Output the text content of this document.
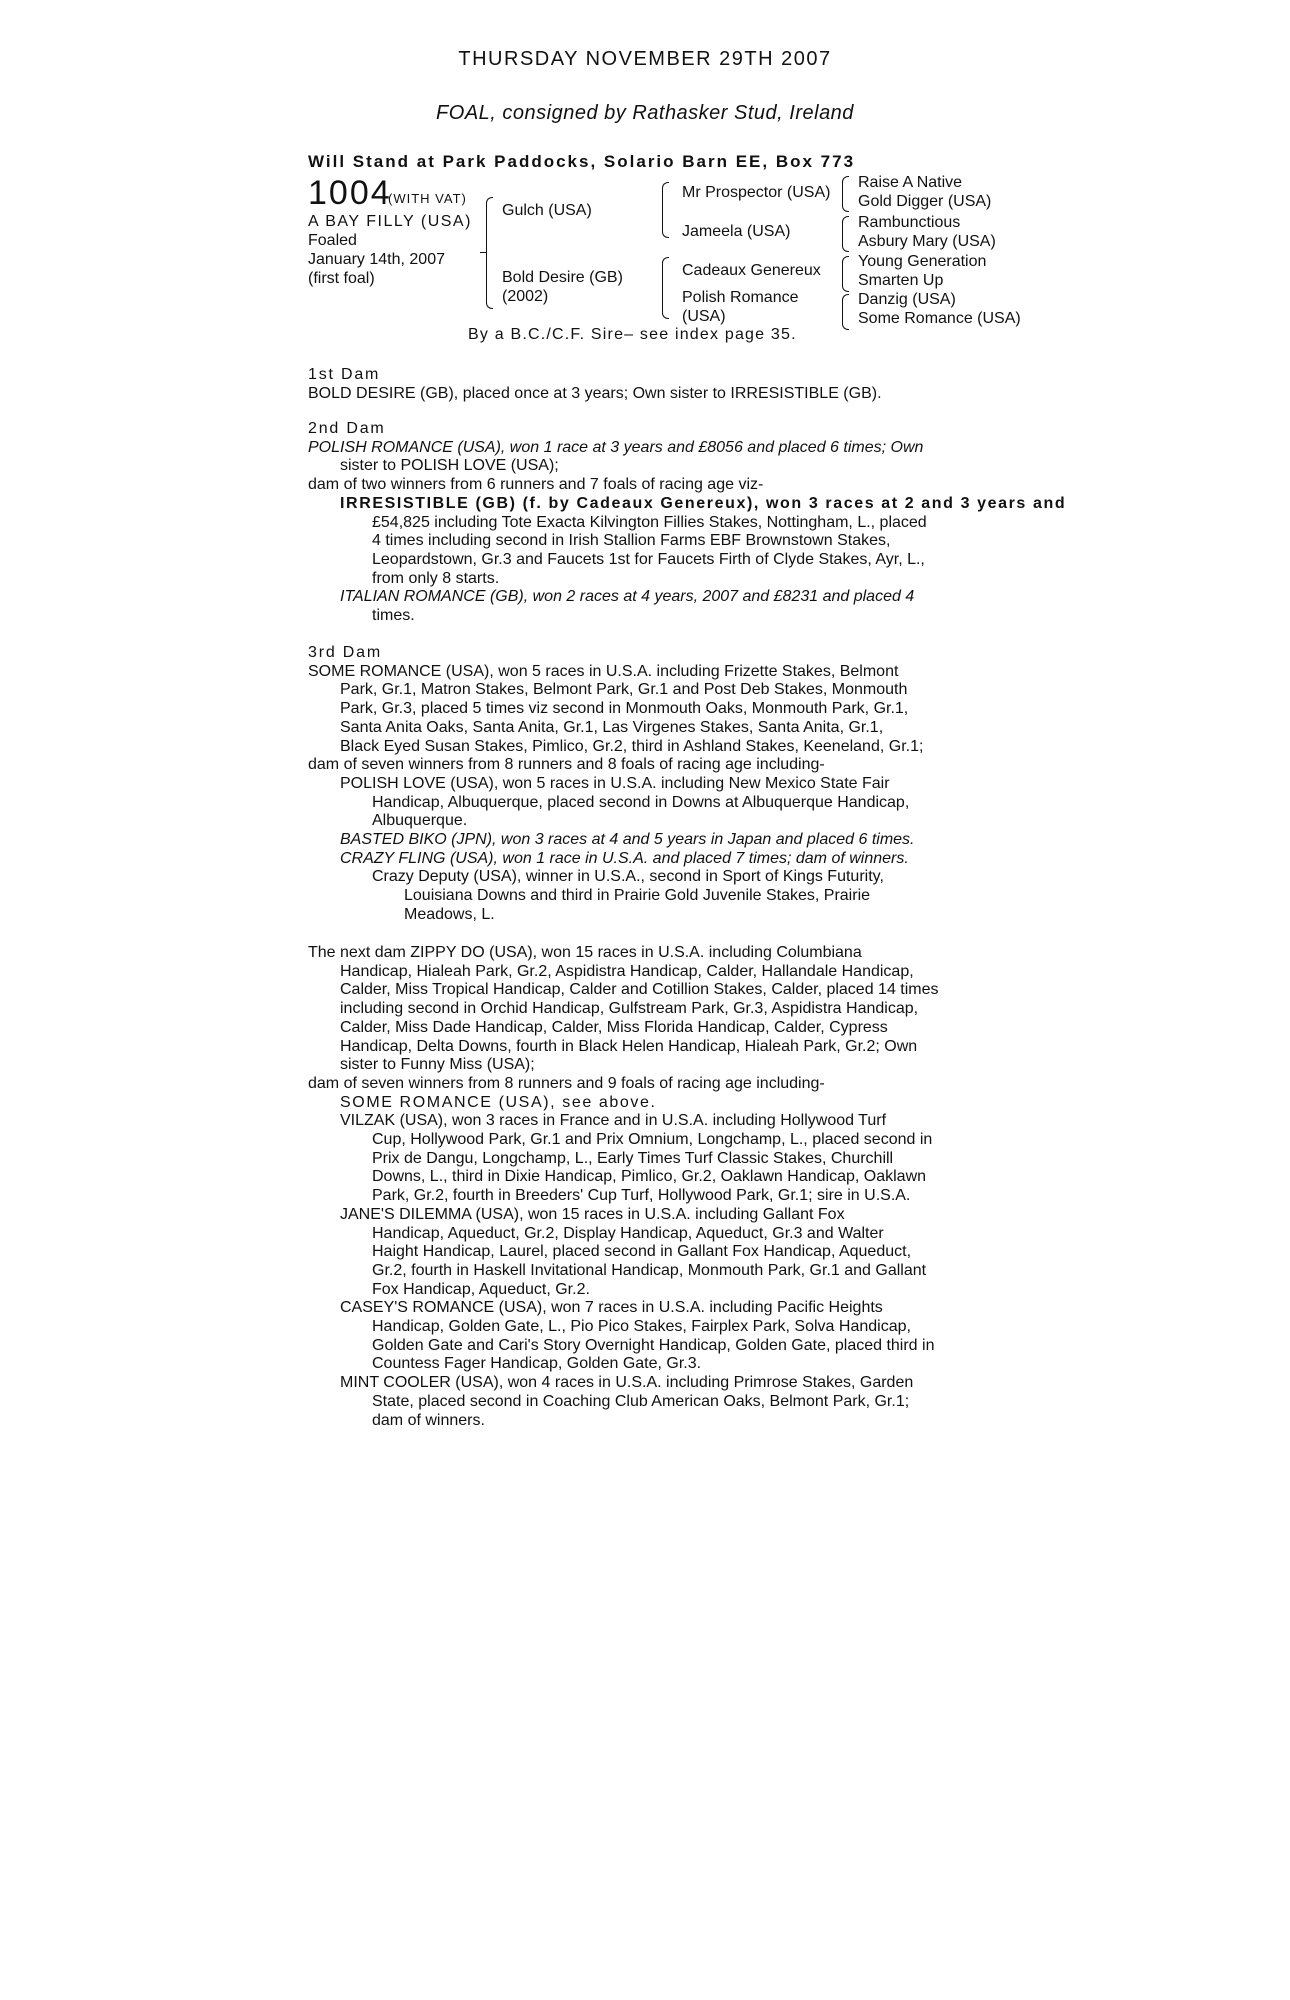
THURSDAY NOVEMBER 29TH 2007
FOAL, consigned by Rathasker Stud, Ireland
Will Stand at Park Paddocks, Solario Barn EE, Box 773
1004
(WITH VAT)
A BAY FILLY (USA)
Foaled
January 14th, 2007
(first foal)
Gulch (USA)
Bold Desire (GB)
(2002)
Mr Prospector (USA)
Jameela (USA)
Cadeaux Genereux
Polish Romance
(USA)
Raise A Native
Gold Digger (USA)
Rambunctious
Asbury Mary (USA)
Young Generation
Smarten Up
Danzig (USA)
Some Romance (USA)
By a B.C./C.F. Sire– see index page 35.
1st Dam
BOLD DESIRE (GB), placed once at 3 years; Own sister to IRRESISTIBLE (GB).
2nd Dam
POLISH ROMANCE (USA), won 1 race at 3 years and £8056 and placed 6 times; Own
sister to POLISH LOVE (USA);
dam of two winners from 6 runners and 7 foals of racing age viz-
IRRESISTIBLE (GB) (f. by Cadeaux Genereux), won 3 races at 2 and 3 years and
£54,825 including Tote Exacta Kilvington Fillies Stakes, Nottingham, L., placed
4 times including second in Irish Stallion Farms EBF Brownstown Stakes,
Leopardstown, Gr.3 and Faucets 1st for Faucets Firth of Clyde Stakes, Ayr, L.,
from only 8 starts.
ITALIAN ROMANCE (GB), won 2 races at 4 years, 2007 and £8231 and placed 4
times.
3rd Dam
SOME ROMANCE (USA), won 5 races in U.S.A. including Frizette Stakes, Belmont
Park, Gr.1, Matron Stakes, Belmont Park, Gr.1 and Post Deb Stakes, Monmouth
Park, Gr.3, placed 5 times viz second in Monmouth Oaks, Monmouth Park, Gr.1,
Santa Anita Oaks, Santa Anita, Gr.1, Las Virgenes Stakes, Santa Anita, Gr.1,
Black Eyed Susan Stakes, Pimlico, Gr.2, third in Ashland Stakes, Keeneland, Gr.1;
dam of seven winners from 8 runners and 8 foals of racing age including-
POLISH LOVE (USA), won 5 races in U.S.A. including New Mexico State Fair
Handicap, Albuquerque, placed second in Downs at Albuquerque Handicap,
Albuquerque.
BASTED BIKO (JPN), won 3 races at 4 and 5 years in Japan and placed 6 times.
CRAZY FLING (USA), won 1 race in U.S.A. and placed 7 times; dam of winners.
Crazy Deputy (USA), winner in U.S.A., second in Sport of Kings Futurity,
Louisiana Downs and third in Prairie Gold Juvenile Stakes, Prairie
Meadows, L.
The next dam ZIPPY DO (USA), won 15 races in U.S.A. including Columbiana
Handicap, Hialeah Park, Gr.2, Aspidistra Handicap, Calder, Hallandale Handicap,
Calder, Miss Tropical Handicap, Calder and Cotillion Stakes, Calder, placed 14 times
including second in Orchid Handicap, Gulfstream Park, Gr.3, Aspidistra Handicap,
Calder, Miss Dade Handicap, Calder, Miss Florida Handicap, Calder, Cypress
Handicap, Delta Downs, fourth in Black Helen Handicap, Hialeah Park, Gr.2; Own
sister to Funny Miss (USA);
dam of seven winners from 8 runners and 9 foals of racing age including-
SOME ROMANCE (USA), see above.
VILZAK (USA), won 3 races in France and in U.S.A. including Hollywood Turf
Cup, Hollywood Park, Gr.1 and Prix Omnium, Longchamp, L., placed second in
Prix de Dangu, Longchamp, L., Early Times Turf Classic Stakes, Churchill
Downs, L., third in Dixie Handicap, Pimlico, Gr.2, Oaklawn Handicap, Oaklawn
Park, Gr.2, fourth in Breeders' Cup Turf, Hollywood Park, Gr.1; sire in U.S.A.
JANE'S DILEMMA (USA), won 15 races in U.S.A. including Gallant Fox
Handicap, Aqueduct, Gr.2, Display Handicap, Aqueduct, Gr.3 and Walter
Haight Handicap, Laurel, placed second in Gallant Fox Handicap, Aqueduct,
Gr.2, fourth in Haskell Invitational Handicap, Monmouth Park, Gr.1 and Gallant
Fox Handicap, Aqueduct, Gr.2.
CASEY'S ROMANCE (USA), won 7 races in U.S.A. including Pacific Heights
Handicap, Golden Gate, L., Pio Pico Stakes, Fairplex Park, Solva Handicap,
Golden Gate and Cari's Story Overnight Handicap, Golden Gate, placed third in
Countess Fager Handicap, Golden Gate, Gr.3.
MINT COOLER (USA), won 4 races in U.S.A. including Primrose Stakes, Garden
State, placed second in Coaching Club American Oaks, Belmont Park, Gr.1;
dam of winners.
